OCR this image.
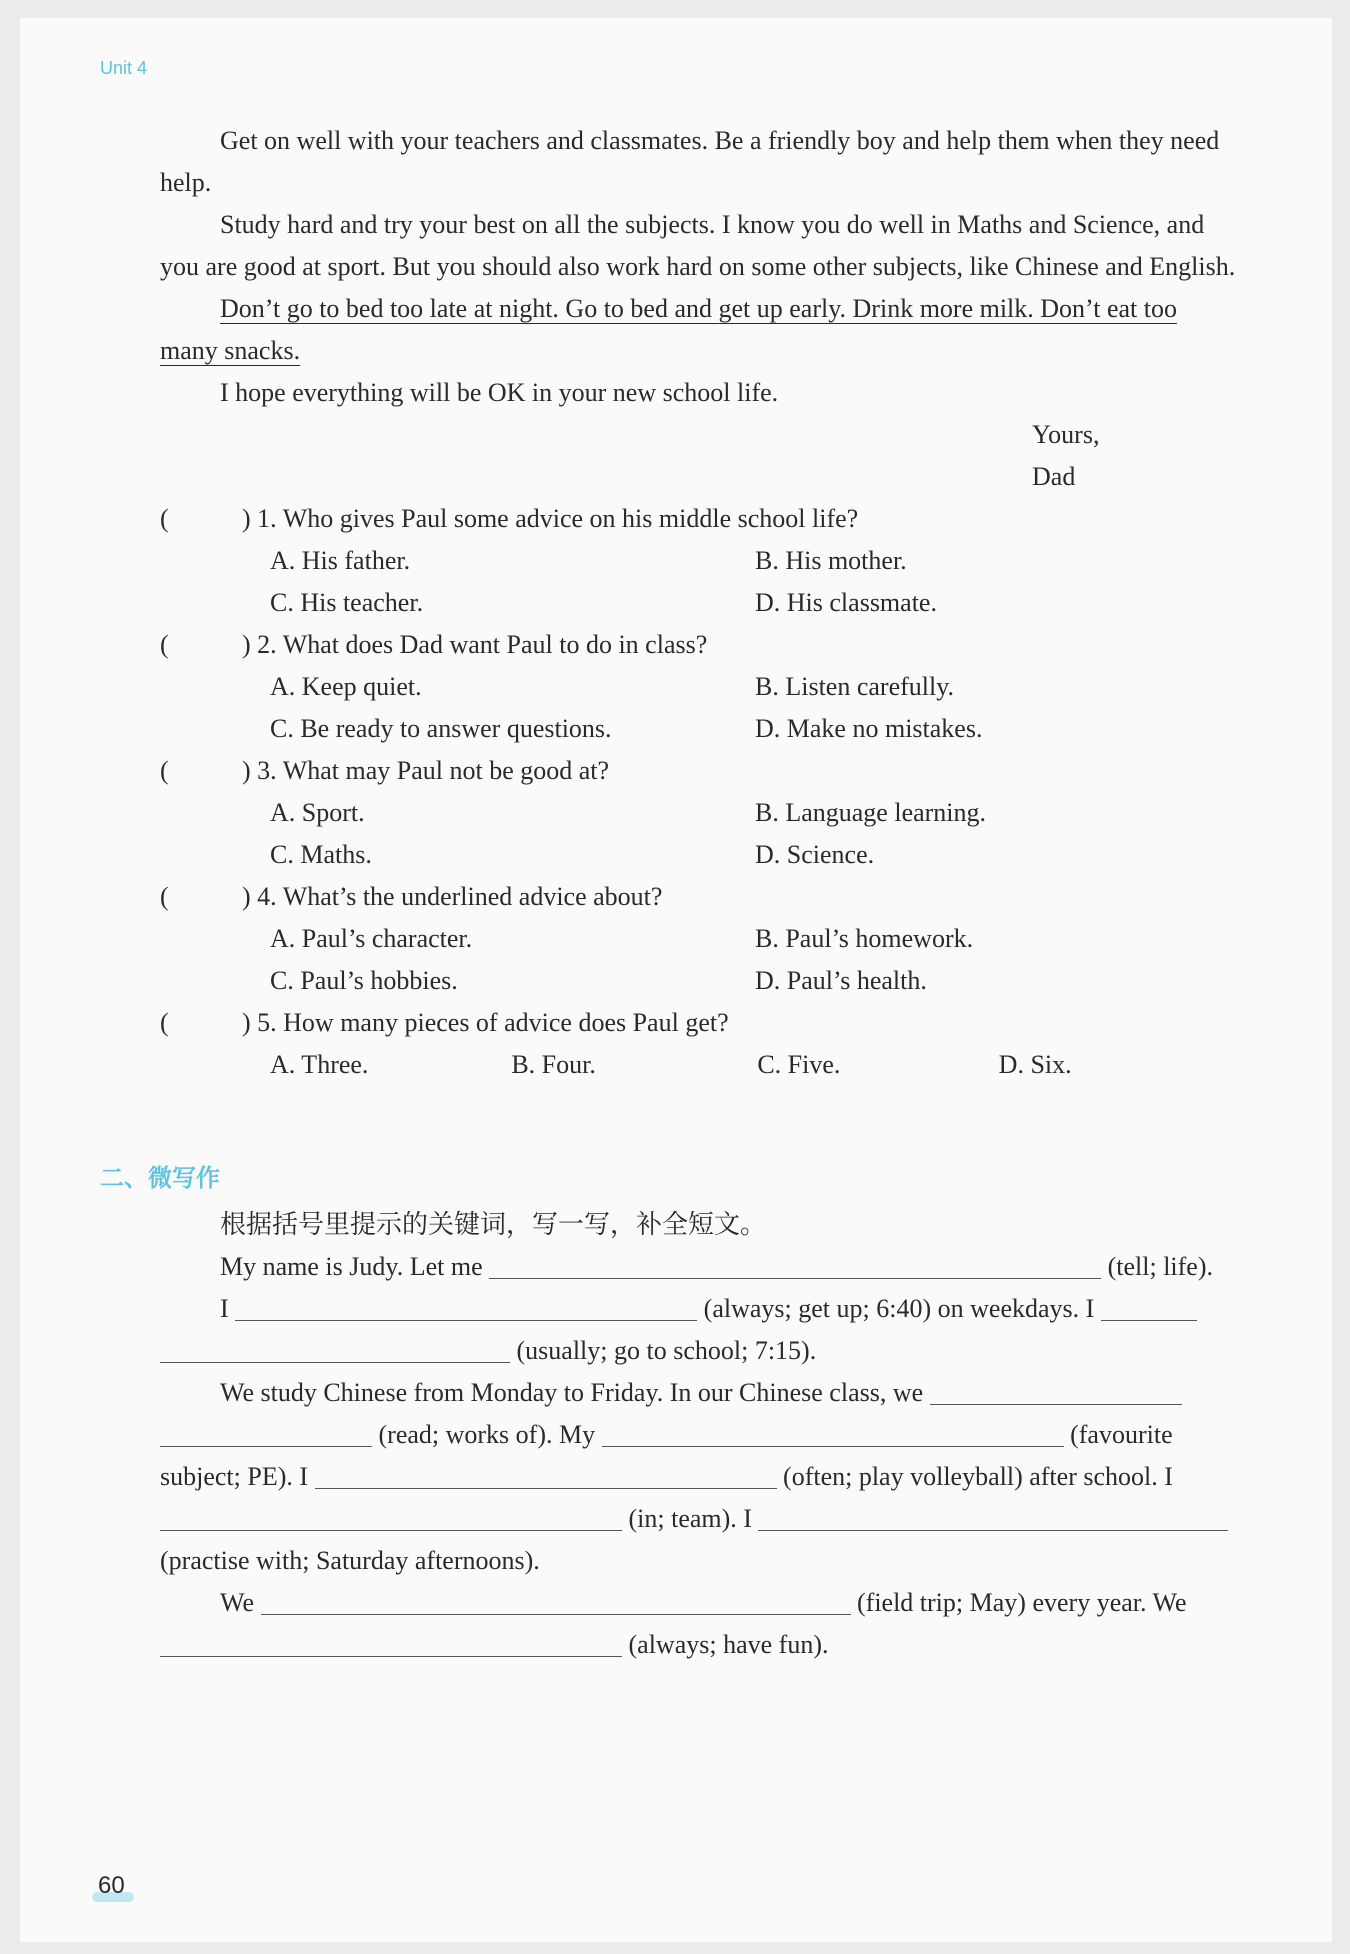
Unit 4

Get on well with your teachers and classmates. Be a friendly boy and help them when they need help.

Study hard and try your best on all the subjects. I know you do well in Maths and Science, and you are good at sport. But you should also work hard on some other subjects, like Chinese and English.

Don’t go to bed too late at night. Go to bed and get up early. Drink more milk. Don’t eat too many snacks.

I hope everything will be OK in your new school life.

Yours,

Dad

(	) 1. Who gives Paul some advice on his middle school life?
A. His father.	B. His mother.
C. His teacher.	D. His classmate.
(	) 2. What does Dad want Paul to do in class?
A. Keep quiet.	B. Listen carefully.
C. Be ready to answer questions.	D. Make no mistakes.
(	) 3. What may Paul not be good at?
A. Sport.	B. Language learning.
C. Maths.	D. Science.
(	) 4. What’s the underlined advice about?
A. Paul’s character.	B. Paul’s homework.
C. Paul’s hobbies.	D. Paul’s health.
(	) 5. How many pieces of advice does Paul get?
A. Three.	B. Four.	C. Five.	D. Six.
二、微写作

根据括号里提示的关键词，写一写，补全短文。

My name is Judy. Let me	(tell; life).

I	(always; get up; 6:40) on weekdays. I

(usually; go to school; 7:15).

We study Chinese from Monday to Friday. In our Chinese class, we

(read; works of). My	(favourite

subject; PE). I	(often; play volleyball) after school. I

(in; team). I

(practise with; Saturday afternoons).

We	(field trip; May) every year. We

(always; have fun).

60
